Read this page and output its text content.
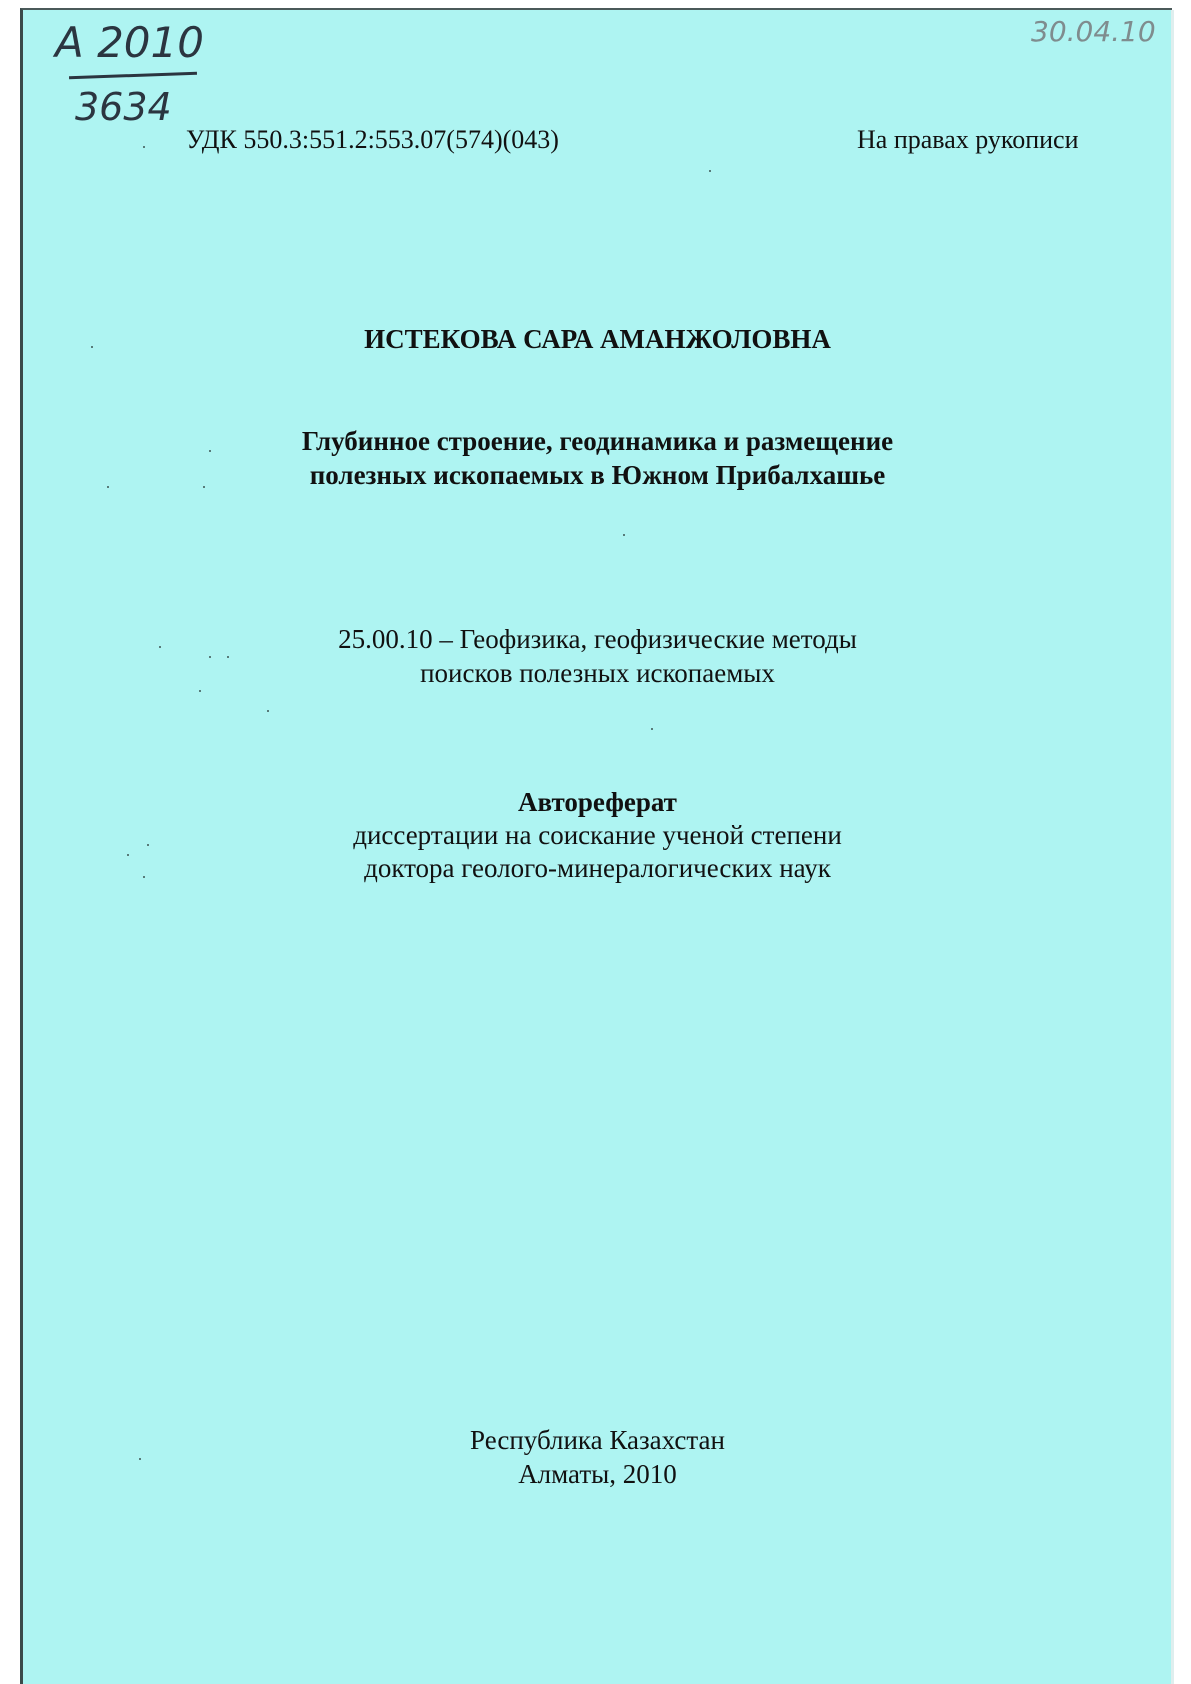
А 2010
3634
30.04.10
УДК 550.3:551.2:553.07(574)(043)	На правах рукописи
ИСТЕКОВА САРА АМАНЖОЛОВНА
Глубинное строение, геодинамика и размещение
полезных ископаемых в Южном Прибалхашье
25.00.10 – Геофизика, геофизические методы
поисков полезных ископаемых
Автореферат
диссертации на соискание ученой степени
доктора геолого-минералогических наук
Республика Казахстан
Алматы, 2010
